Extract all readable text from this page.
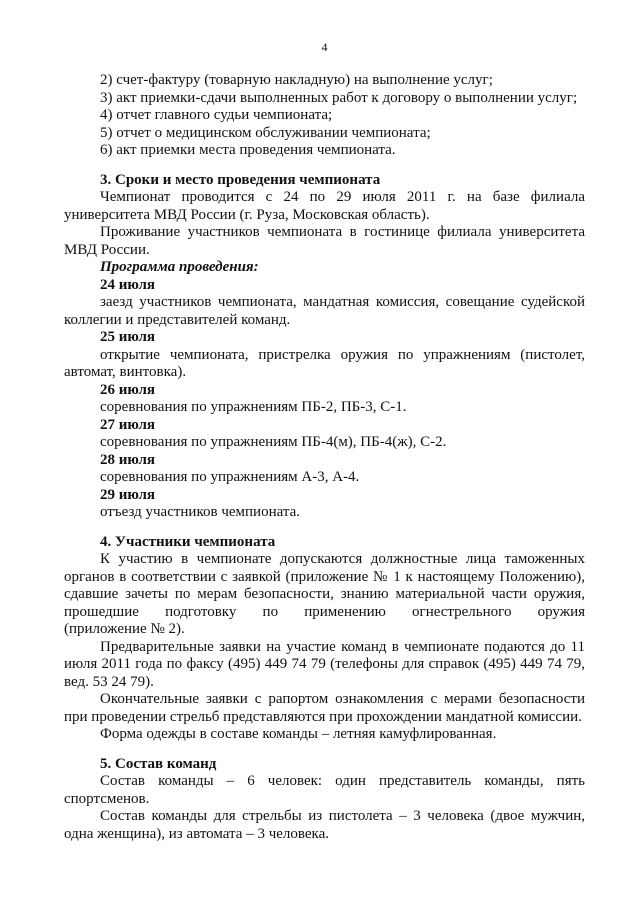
4
2) счет-фактуру (товарную накладную) на выполнение услуг;
3) акт приемки-сдачи выполненных работ к договору о выполнении услуг;
4) отчет главного судьи чемпионата;
5) отчет о медицинском обслуживании чемпионата;
6) акт приемки места проведения чемпионата.
3. Сроки и место проведения чемпионата
Чемпионат проводится с 24 по 29 июля 2011 г. на базе филиала университета МВД России (г. Руза, Московская область).
Проживание участников чемпионата в гостинице филиала университета МВД России.
Программа проведения:
24 июля
заезд участников чемпионата, мандатная комиссия, совещание судейской коллегии и представителей команд.
25 июля
открытие чемпионата, пристрелка оружия по упражнениям (пистолет, автомат, винтовка).
26 июля
соревнования по упражнениям ПБ-2, ПБ-3, С-1.
27 июля
соревнования по упражнениям ПБ-4(м), ПБ-4(ж), С-2.
28 июля
соревнования по упражнениям А-3, А-4.
29 июля
отъезд участников чемпионата.
4. Участники чемпионата
К участию в чемпионате допускаются должностные лица таможенных органов в соответствии с заявкой (приложение № 1 к настоящему Положению), сдавшие зачеты по мерам безопасности, знанию материальной части оружия, прошедшие подготовку по применению огнестрельного оружия
(приложение № 2).
Предварительные заявки на участие команд в чемпионате подаются до 11 июля 2011 года по факсу (495) 449 74 79 (телефоны для справок (495) 449 74 79, вед. 53 24 79).
Окончательные заявки с рапортом ознакомления с мерами безопасности при проведении стрельб представляются при прохождении мандатной комиссии.
Форма одежды в составе команды – летняя камуфлированная.
5. Состав команд
Состав команды – 6 человек: один представитель команды, пять спортсменов.
Состав команды для стрельбы из пистолета – 3 человека (двое мужчин, одна женщина), из автомата – 3 человека.
